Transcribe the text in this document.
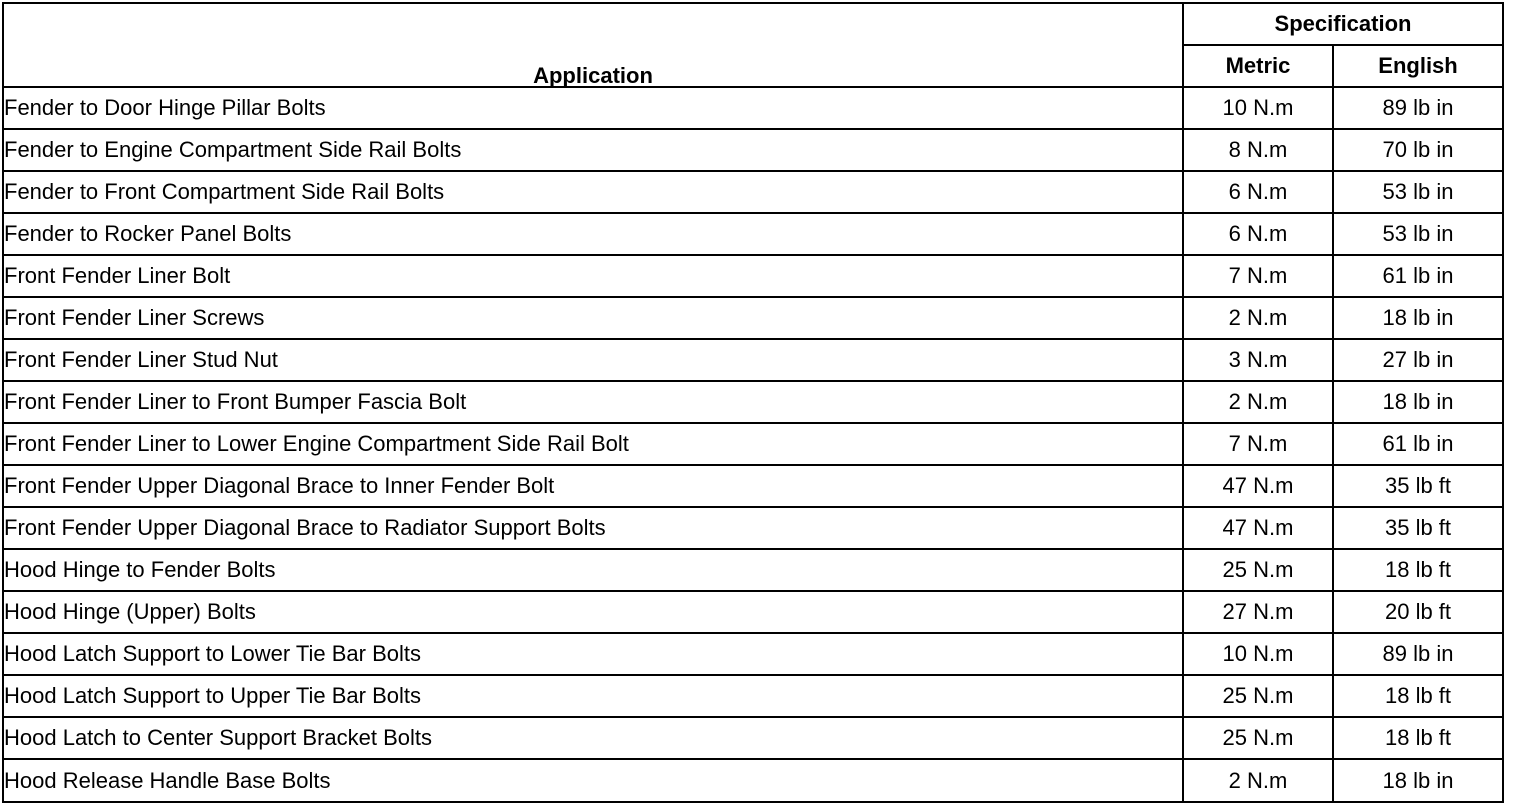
Application	Specification	
	Metric	English
Fender to Door Hinge Pillar Bolts	10 N.m	89 lb in
Fender to Engine Compartment Side Rail Bolts	8 N.m	70 lb in
Fender to Front Compartment Side Rail Bolts	6 N.m	53 lb in
Fender to Rocker Panel Bolts	6 N.m	53 lb in
Front Fender Liner Bolt	7 N.m	61 lb in
Front Fender Liner Screws	2 N.m	18 lb in
Front Fender Liner Stud Nut	3 N.m	27 lb in
Front Fender Liner to Front Bumper Fascia Bolt	2 N.m	18 lb in
Front Fender Liner to Lower Engine Compartment Side Rail Bolt	7 N.m	61 lb in
Front Fender Upper Diagonal Brace to Inner Fender Bolt	47 N.m	35 lb ft
Front Fender Upper Diagonal Brace to Radiator Support Bolts	47 N.m	35 lb ft
Hood Hinge to Fender Bolts	25 N.m	18 lb ft
Hood Hinge (Upper) Bolts	27 N.m	20 lb ft
Hood Latch Support to Lower Tie Bar Bolts	10 N.m	89 lb in
Hood Latch Support to Upper Tie Bar Bolts	25 N.m	18 lb ft
Hood Latch to Center Support Bracket Bolts	25 N.m	18 lb ft
Hood Release Handle Base Bolts	2 N.m	18 lb in
